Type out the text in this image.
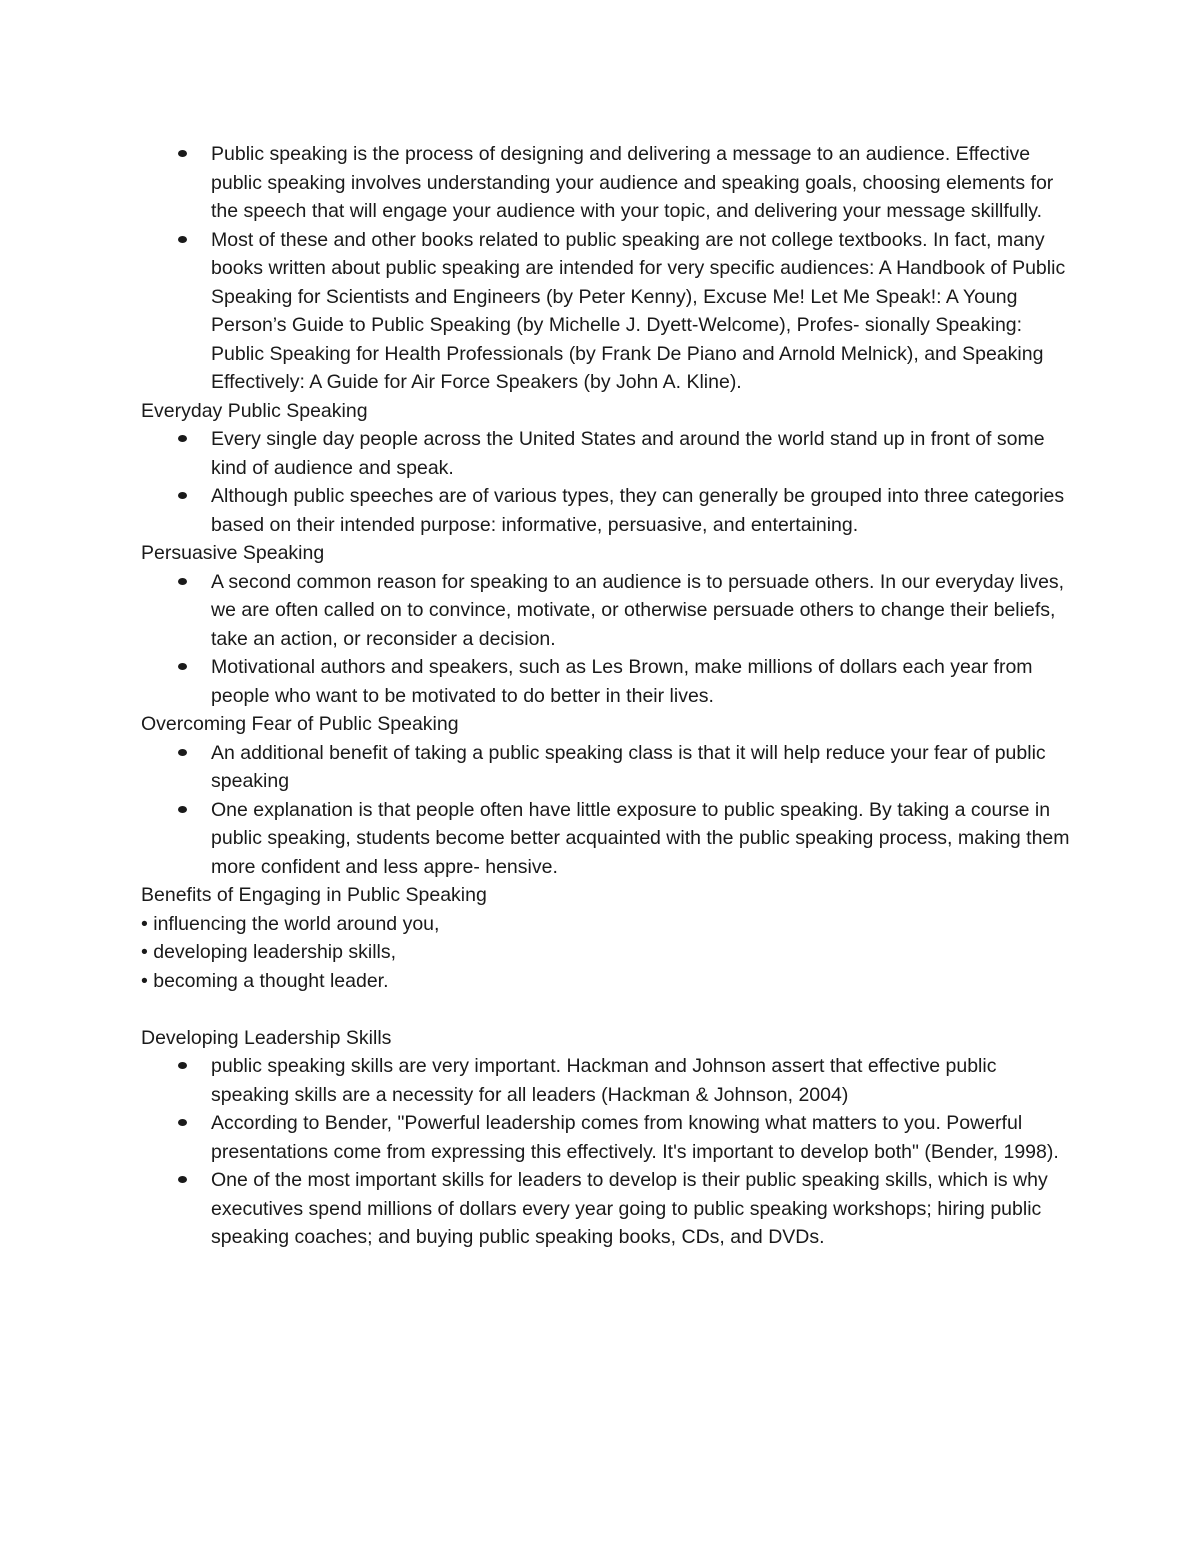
Public speaking is the process of designing and delivering a message to an audience. Effective public speaking involves understanding your audience and speaking goals, choosing elements for the speech that will engage your audience with your topic, and delivering your message skillfully.
Most of these and other books related to public speaking are not college textbooks. In fact, many books written about public speaking are intended for very specific audiences: A Handbook of Public Speaking for Scientists and Engineers (by Peter Kenny), Excuse Me! Let Me Speak!: A Young Person’s Guide to Public Speaking (by Michelle J. Dyett-Welcome), Profes- sionally Speaking: Public Speaking for Health Professionals (by Frank De Piano and Arnold Melnick), and Speaking Effectively: A Guide for Air Force Speakers (by John A. Kline).
Everyday Public Speaking
Every single day people across the United States and around the world stand up in front of some kind of audience and speak.
Although public speeches are of various types, they can generally be grouped into three categories based on their intended purpose: informative, persuasive, and entertaining.
Persuasive Speaking
A second common reason for speaking to an audience is to persuade others. In our everyday lives, we are often called on to convince, motivate, or otherwise persuade others to change their beliefs, take an action, or reconsider a decision.
Motivational authors and speakers, such as Les Brown, make millions of dollars each year from people who want to be motivated to do better in their lives.
Overcoming Fear of Public Speaking
An additional benefit of taking a public speaking class is that it will help reduce your fear of public speaking
One explanation is that people often have little exposure to public speaking. By taking a course in public speaking, students become better acquainted with the public speaking process, making them more confident and less appre- hensive.
Benefits of Engaging in Public Speaking
• influencing the world around you,
• developing leadership skills,
• becoming a thought leader.
Developing Leadership Skills
public speaking skills are very important. Hackman and Johnson assert that effective public speaking skills are a necessity for all leaders (Hackman & Johnson, 2004)
According to Bender, "Powerful leadership comes from knowing what matters to you. Powerful presentations come from expressing this effectively. It's important to develop both" (Bender, 1998).
One of the most important skills for leaders to develop is their public speaking skills, which is why executives spend millions of dollars every year going to public speaking workshops; hiring public speaking coaches; and buying public speaking books, CDs, and DVDs.
